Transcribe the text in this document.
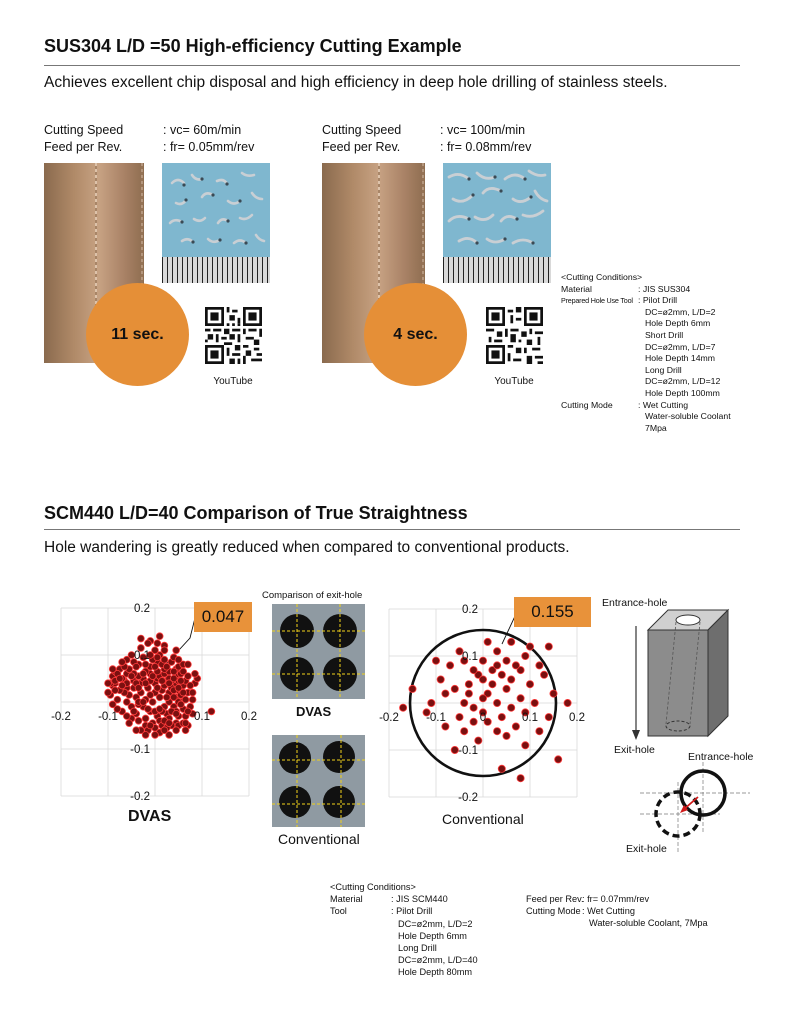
SUS304 L/D =50 High-efficiency Cutting Example
Achieves excellent chip disposal and high efficiency in deep hole drilling of stainless steels.
Cutting Speed	: vc= 60m/min
Feed per Rev.	: fr= 0.05mm/rev
Cutting Speed	: vc= 100m/min
Feed per Rev.	: fr= 0.08mm/rev
11 sec.
YouTube
4 sec.
YouTube
<Cutting Conditions>
Material	: JIS SUS304
Prepared Hole Use Tool : Pilot Drill
DC=ø2mm, L/D=2
Hole Depth 6mm
Short Drill
DC=ø2mm, L/D=7
Hole Depth 14mm
Long Drill
DC=ø2mm, L/D=12
Hole Depth 100mm
Cutting Mode	: Wet Cutting
Water-soluble Coolant
7Mpa
SCM440 L/D=40 Comparison of True Straightness
Hole wandering is greatly reduced when compared to conventional products.
-0.2 -0.1	0.1	0.2
0.2
0.1
-0.1
-0.2
0.047
DVAS
Comparison of exit-hole
DVAS
Conventional
-0.2 -0.1	0	0.1	0.2
0.2
0.1
-0.1
-0.2
0.155
Conventional
Entrance-hole
Exit-hole
Entrance-hole
Exit-hole
<Cutting Conditions>
Material	: JIS SCM440
Tool	: Pilot Drill
DC=ø2mm, L/D=2
Hole Depth 6mm
Long Drill
DC=ø2mm, L/D=40
Hole Depth 80mm
Feed per Rev.
: fr= 0.07mm/rev
Cutting Mode : Wet Cutting
Water-soluble Coolant, 7Mpa
